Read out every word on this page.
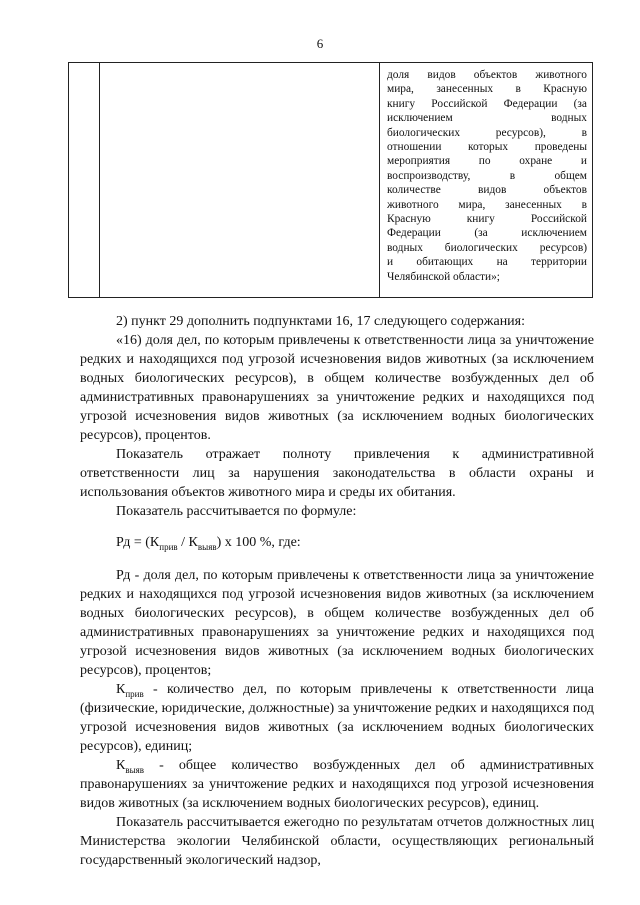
6
доля видов объектов животного
мира, занесенных в Красную
книгу Российской Федерации (за
исключением водных
биологических ресурсов), в
отношении которых проведены
мероприятия по охране и
воспроизводству, в общем
количестве видов объектов
животного мира, занесенных в
Красную книгу Российской
Федерации (за исключением
водных биологических ресурсов)
и обитающих на территории
Челябинской области»;

2) пункт 29 дополнить подпунктами 16, 17 следующего содержания:

«16) доля дел, по которым привлечены к ответственности лица за уничтожение редких и находящихся под угрозой исчезновения видов животных (за исключением водных биологических ресурсов), в общем количестве возбужденных дел об административных правонарушениях за уничтожение редких и находящихся под угрозой исчезновения видов животных (за исключением водных биологических ресурсов), процентов.

Показатель отражает полноту привлечения к административной ответственности лиц за нарушения законодательства в области охраны и использования объектов животного мира и среды их обитания.

Показатель рассчитывается по формуле:

Рд = $(К_{прив} / К_{выяв})$ х 100 %, где:

Рд - доля дел, по которым привлечены к ответственности лица за уничтожение редких и находящихся под угрозой исчезновения видов животных (за исключением водных биологических ресурсов), в общем количестве возбужденных дел об административных правонарушениях за уничтожение редких и находящихся под угрозой исчезновения видов животных (за исключением водных биологических ресурсов), процентов;

$К_{прив}$ - количество дел, по которым привлечены к ответственности лица (физические, юридические, должностные) за уничтожение редких и находящихся под угрозой исчезновения видов животных (за исключением водных биологических ресурсов), единиц;

$К_{выяв}$ - общее количество возбужденных дел об административных правонарушениях за уничтожение редких и находящихся под угрозой исчезновения видов животных (за исключением водных биологических ресурсов), единиц.

Показатель рассчитывается ежегодно по результатам отчетов должностных лиц Министерства экологии Челябинской области, осуществляющих региональный государственный экологический надзор,
